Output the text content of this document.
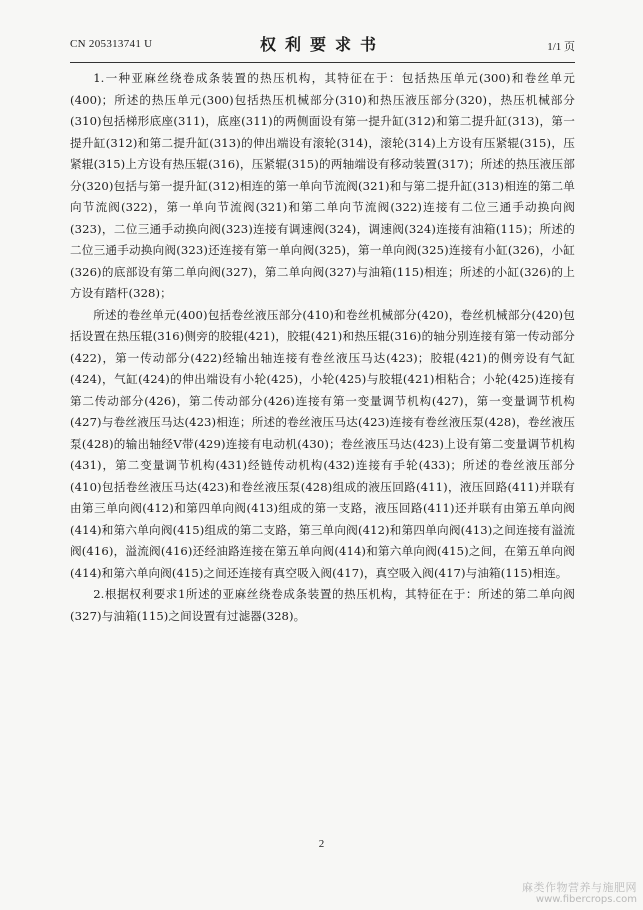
CN 205313741 U	权利要求书	1/1 页

1.一种亚麻丝绕卷成条装置的热压机构，其特征在于：包括热压单元(300)和卷丝单元(400)；所述的热压单元(300)包括热压机械部分(310)和热压液压部分(320)，热压机械部分(310)包括梯形底座(311)，底座(311)的两侧面设有第一提升缸(312)和第二提升缸(313)，第一提升缸(312)和第二提升缸(313)的伸出端设有滚轮(314)，滚轮(314)上方设有压紧辊(315)，压紧辊(315)上方设有热压辊(316)，压紧辊(315)的两轴端设有移动装置(317)；所述的热压液压部分(320)包括与第一提升缸(312)相连的第一单向节流阀(321)和与第二提升缸(313)相连的第二单向节流阀(322)，第一单向节流阀(321)和第二单向节流阀(322)连接有二位三通手动换向阀(323)，二位三通手动换向阀(323)连接有调速阀(324)，调速阀(324)连接有油箱(115)；所述的二位三通手动换向阀(323)还连接有第一单向阀(325)，第一单向阀(325)连接有小缸(326)，小缸(326)的底部设有第二单向阀(327)，第二单向阀(327)与油箱(115)相连；所述的小缸(326)的上方设有踏杆(328)；

所述的卷丝单元(400)包括卷丝液压部分(410)和卷丝机械部分(420)，卷丝机械部分(420)包括设置在热压辊(316)侧旁的胶辊(421)，胶辊(421)和热压辊(316)的轴分别连接有第一传动部分(422)，第一传动部分(422)经输出轴连接有卷丝液压马达(423)；胶辊(421)的侧旁设有气缸(424)，气缸(424)的伸出端设有小轮(425)，小轮(425)与胶辊(421)相粘合；小轮(425)连接有第二传动部分(426)，第二传动部分(426)连接有第一变量调节机构(427)，第一变量调节机构(427)与卷丝液压马达(423)相连；所述的卷丝液压马达(423)连接有卷丝液压泵(428)，卷丝液压泵(428)的输出轴经V带(429)连接有电动机(430)；卷丝液压马达(423)上设有第二变量调节机构(431)，第二变量调节机构(431)经链传动机构(432)连接有手轮(433)；所述的卷丝液压部分(410)包括卷丝液压马达(423)和卷丝液压泵(428)组成的液压回路(411)，液压回路(411)并联有由第三单向阀(412)和第四单向阀(413)组成的第一支路，液压回路(411)还并联有由第五单向阀(414)和第六单向阀(415)组成的第二支路，第三单向阀(412)和第四单向阀(413)之间连接有溢流阀(416)，溢流阀(416)还经油路连接在第五单向阀(414)和第六单向阀(415)之间，在第五单向阀(414)和第六单向阀(415)之间还连接有真空吸入阀(417)，真空吸入阀(417)与油箱(115)相连。

2.根据权利要求1所述的亚麻丝绕卷成条装置的热压机构，其特征在于：所述的第二单向阀(327)与油箱(115)之间设置有过滤器(328)。

2
麻类作物营养与施肥网
www.fibercrops.com
